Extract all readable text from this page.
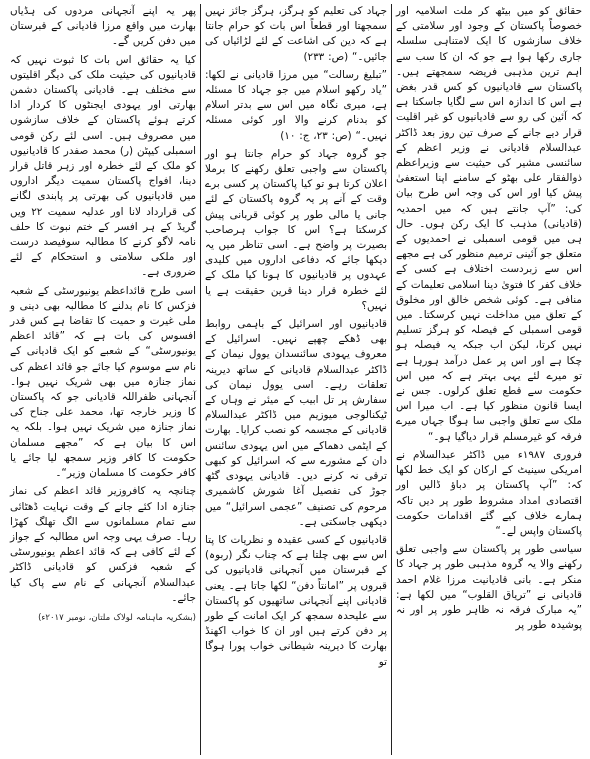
حقائق کو میں بیٹھ کر ملت اسلامیہ اور خصوصاً پاکستان کے وجود اور سلامتی کے خلاف سازشوں کا ایک لامتناہی سلسلہ جاری رکھا ہوا ہے جو کہ ان کا سب سے اہم ترین مذہبی فریضہ سمجھتے ہیں۔ پاکستان سے قادیانیوں کو کس قدر بغض ہے اس کا اندازہ اس سے لگایا جاسکتا ہے کہ آئین کی رو سے قادیانیوں کو غیر اقلیت قرار دیے جانے کے صرف تین روز بعد ڈاکٹر عبدالسلام قادیانی نے وزیر اعظم کے سائنسی مشیر کی حیثیت سے وزیراعظم ذوالفقار علی بھٹو کے سامنے اپنا استعفیٰ پیش کیا اور اس کی وجہ اس طرح بیان کی: ”آپ جانتے ہیں کہ میں احمدیہ (قادیانی) مذہب کا ایک رکن ہوں۔ حال ہی میں قومی اسمبلی نے احمدیوں کے متعلق جو آئینی ترمیم منظور کی ہے مجھے اس سے زبردست اختلاف ہے کسی کے خلاف کفر کا فتویٰ دینا اسلامی تعلیمات کے منافی ہے۔ کوئی شخص خالق اور مخلوق کے تعلق میں مداخلت نہیں کرسکتا۔ میں قومی اسمبلی کے فیصلہ کو ہرگز تسلیم نہیں کرتا، لیکن اب جبکہ یہ فیصلہ ہو چکا ہے اور اس پر عمل درآمد ہورہا ہے تو میرے لئے یہی بہتر ہے کہ میں اس حکومت سے قطع تعلق کرلوں۔ جس نے ایسا قانون منظور کیا ہے۔ اب میرا اس ملک سے تعلق واجبی سا ہوگا جہاں میرے فرقہ کو غیرمسلم قرار دیاگیا ہو۔“

فروری ۱۹۸۷ء میں ڈاکٹر عبدالسلام نے امریکی سینیٹ کے ارکان کو ایک خط لکھا کہ: ”آپ پاکستان پر دباؤ ڈالیں اور اقتصادی امداد مشروط طور پر دیں تاکہ ہمارے خلاف کیے گئے اقدامات حکومت پاکستان واپس لے۔“

سیاسی طور پر پاکستان سے واجبی تعلق رکھنے والا یہ گروہ مذہبی طور پر جہاد کا منکر ہے۔ بانی قادیانیت مرزا غلام احمد قادیانی نے ”تریاق القلوب“ میں لکھا ہے: ”یہ مبارک فرقہ نہ ظاہر طور پر اور نہ پوشیدہ طور پر

جہاد کی تعلیم کو ہرگز، ہرگز جائز نہیں سمجھتا اور قطعاً اس بات کو حرام جانتا ہے کہ دین کی اشاعت کے لئے لڑائیاں کی جائیں۔“ (ص: ۲۳۳)

”تبلیغ رسالت“ میں مرزا قادیانی نے لکھا: ”یاد رکھو اسلام میں جو جہاد کا مسئلہ ہے، میری نگاہ میں اس سے بدتر اسلام کو بدنام کرنے والا اور کوئی مسئلہ نہیں۔“ (ص: ۲۳، ج: ۱۰)

جو گروہ جہاد کو حرام جانتا ہو اور پاکستان سے واجبی تعلق رکھنے کا برملا اعلان کرتا ہو تو کیا پاکستان پر کسی برے وقت کے آنے پر یہ گروہ پاکستان کے لئے جانی یا مالی طور پر کوئی قربانی پیش کرسکتا ہے؟ اس کا جواب ہرصاحب بصیرت پر واضح ہے۔ اسی تناظر میں یہ دیکھا جائے کہ دفاعی اداروں میں کلیدی عہدوں پر قادیانیوں کا ہونا کیا ملک کے لئے خطرہ قرار دینا قرین حقیقت ہے یا نہیں؟

قادیانیوں اور اسرائیل کے باہمی روابط بھی ڈھکے چھپے نہیں۔ اسرائیل کے معروف یہودی سائنسدان یوول نیمان کے ڈاکٹر عبدالسلام قادیانی کے ساتھ دیرینہ تعلقات رہے۔ اسی یوول نیمان کی سفارش پر تل ابیب کے میئر نے وہاں کے ٹیکنالوجی میوزیم میں ڈاکٹر عبدالسلام قادیانی کے مجسمہ کو نصب کرایا۔ بھارت کے ایٹمی دھماکے میں اس یہودی سائنس دان کے مشورے سے کہ اسرائیل کو کبھی ترقی نہ کرنے دیں۔ قادیانی یہودی گٹھ جوڑ کی تفصیل آغا شورش کاشمیری مرحوم کی تصنیف ”عجمی اسرائیل“ میں دیکھی جاسکتی ہے۔

قادیانیوں کے کسی عقیدہ و نظریات کا پتا اس سے بھی چلتا ہے کہ چناب نگر (ربوہ) کے قبرستان میں آنجہانی قادیانیوں کی قبروں پر ”امانتاً دفن“ لکھا جاتا ہے۔ یعنی قادیانی اپنے آنجہانی ساتھیوں کو پاکستان سے علیحدہ سمجھ کر ایک امانت کے طور پر دفن کرتے ہیں اور ان کا خواب اکھنڈ بھارت کا دیرینہ شیطانی خواب پورا ہوگا تو

پھر یہ اپنے آنجہانی مردوں کی ہڈیاں بھارت میں واقع مرزا قادیانی کے قبرستان میں دفن کریں گے۔

کیا یہ حقائق اس بات کا ثبوت نہیں کہ قادیانیوں کی حیثیت ملک کی دیگر اقلیتوں سے مختلف ہے۔ قادیانی پاکستان دشمن بھارتی اور یہودی ایجنٹوں کا کردار ادا کرتے ہوئے پاکستان کے خلاف سازشوں میں مصروف ہیں۔ اسی لئے رکن قومی اسمبلی کیپٹن (ر) محمد صفدر کا قادیانیوں کو ملک کے لئے خطرہ اور زہر قاتل قرار دینا، افواج پاکستان سمیت دیگر اداروں میں قادیانیوں کی بھرتی پر پابندی لگانے کی قرارداد لانا اور عدلیہ سمیت ۲۲ ویں گریڈ کے ہر افسر کے ختم نبوت کا حلف نامہ لاگو کرنے کا مطالبہ سوفیصد درست اور ملکی سلامتی و استحکام کے لئے ضروری ہے۔

اسی طرح قائداعظم یونیورسٹی کے شعبہ فزکس کا نام بدلنے کا مطالبہ بھی دینی و ملی غیرت و حمیت کا تقاضا ہے کس قدر افسوس کی بات ہے کہ ”قائد اعظم یونیورسٹی“ کے شعبے کو ایک قادیانی کے نام سے موسوم کیا جائے جو قائد اعظم کی نماز جنازہ میں بھی شریک نہیں ہوا۔ آنجہانی ظفراللہ قادیانی جو کہ پاکستان کا وزیر خارجہ تھا، محمد علی جناح کی نماز جنازہ میں شریک نہیں ہوا۔ بلکہ یہ اس کا بیان ہے کہ ”مجھے مسلمان حکومت کا کافر وزیر سمجھ لیا جائے یا کافر حکومت کا مسلمان وزیر“۔

چنانچہ یہ کافروزیر قائد اعظم کی نماز جنازہ ادا کئے جانے کے وقت نہایت ڈھٹائی سے تمام مسلمانوں سے الگ تھلگ کھڑا رہا۔ صرف یہی وجہ اس مطالبہ کے جواز کے لئے کافی ہے کہ قائد اعظم یونیورسٹی کے شعبہ فزکس کو قادیانی ڈاکٹر عبدالسلام آنجہانی کے نام سے پاک کیا جائے۔

(بشکریہ ماہنامہ لولاک ملتان، نومبر ۲۰۱۷ء)
